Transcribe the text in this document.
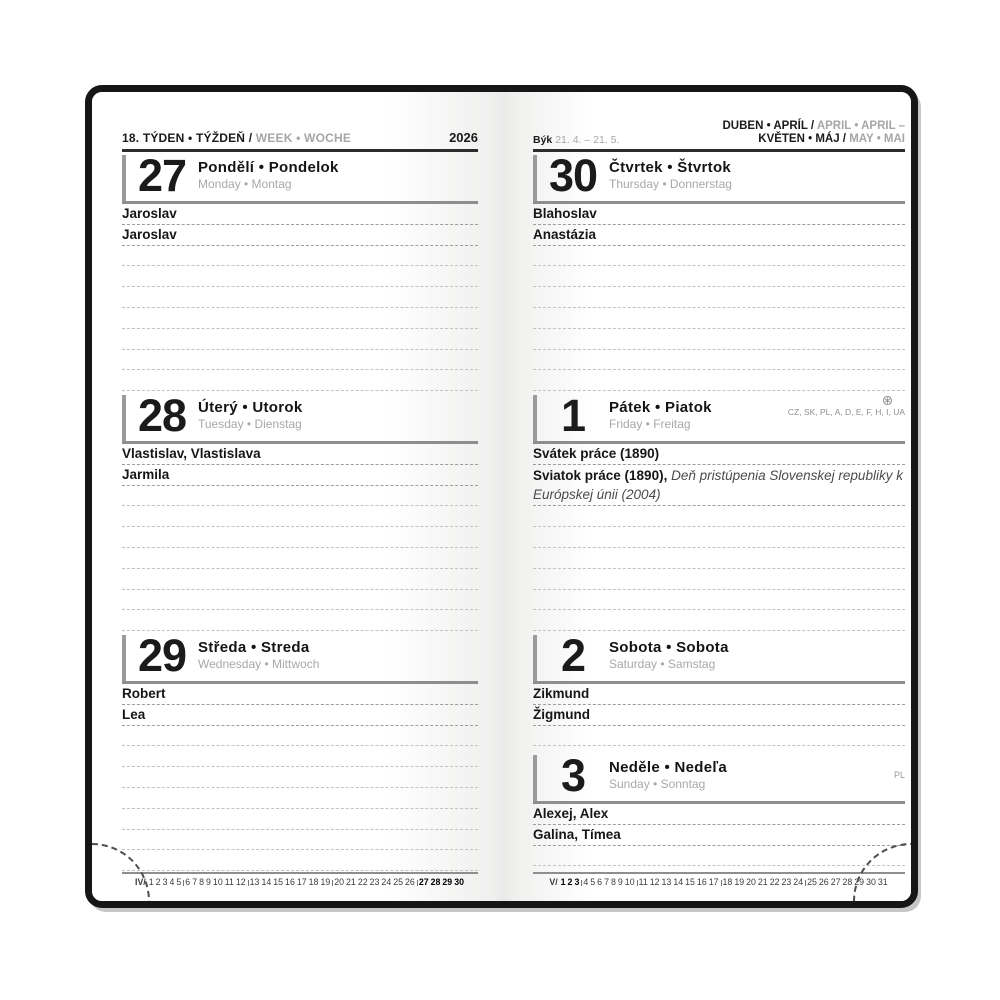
18. TÝDEN • TÝŽDEŇ / WEEK • WOCHE	2026
27 Pondělí • Pondelok
Monday • Montag
Jaroslav
Jaroslav
28 Úterý • Utorok
Tuesday • Dienstag
Vlastislav, Vlastislava
Jarmila
29 Středa • Streda
Wednesday • Mittwoch
Robert
Lea
IV/ 1 2 3 4 5 6 7 8 9 10 11 12 13 14 15 16 17 18 19 20 21 22 23 24 25 26 27 28 29 30
Býk 21. 4. – 21. 5.
DUBEN • APRÍL / APRIL • APRIL –
KVĚTEN • MÁJ / MAY • MAI
30 Čtvrtek • Štvrtok
Thursday • Donnerstag
Blahoslav
Anastázia
1	Pátek • Piatok
Friday • Freitag
CZ, SK, PL, A, D, E, F, H, I, UA
Svátek práce (1890)
Sviatok práce (1890), Deň pristúpenia Slovenskej republiky k Európskej únii (2004)
2	Sobota • Sobota
Saturday • Samstag
Zikmund
Žigmund
3	Neděle • Nedeľa
Sunday • Sonntag
PL
Alexej, Alex
Galina, Tímea
V/ 1 2 3 4 5 6 7 8 9 10 11 12 13 14 15 16 17 18 19 20 21 22 23 24 25 26 27 28 29 30 31
